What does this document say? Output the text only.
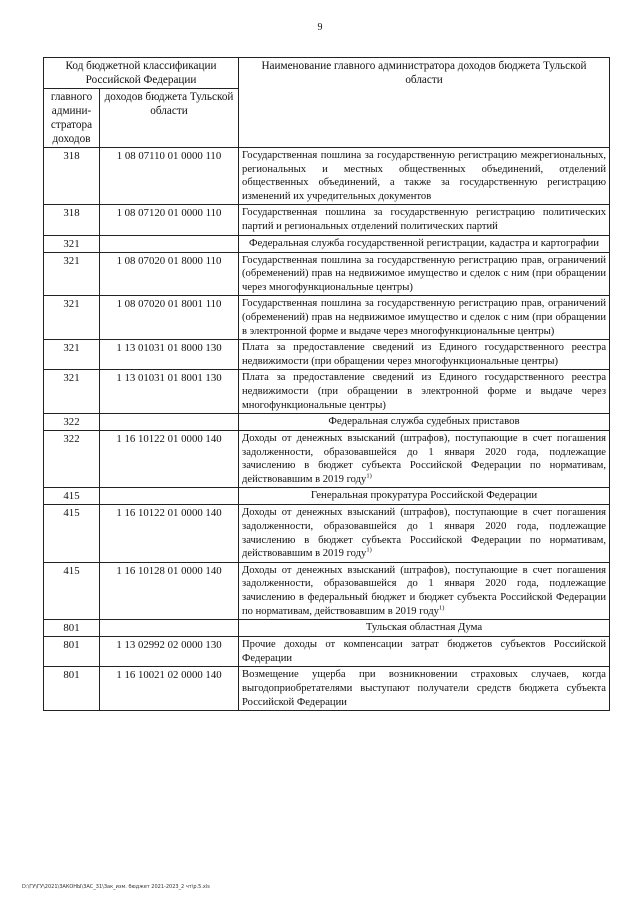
9
Код бюджетной классификации Российской Федерации		Наименование главного администратора доходов бюджета Тульской области
главного админи-стратора доходов	доходов бюджета Тульской области	
318	1 08 07110 01 0000 110	Государственная пошлина за государственную регистрацию межрегиональных, региональных и местных общественных объединений, отделений общественных объединений, а также за государственную регистрацию изменений их учредительных документов
318	1 08 07120 01 0000 110	Государственная пошлина за государственную регистрацию политических партий и региональных отделений политических партий
321		Федеральная служба государственной регистрации, кадастра и картографии
321	1 08 07020 01 8000 110	Государственная пошлина за государственную регистрацию прав, ограничений (обременений) прав на недвижимое имущество и сделок с ним (при обращении через многофункциональные центры)
321	1 08 07020 01 8001 110	Государственная пошлина за государственную регистрацию прав, ограничений (обременений) прав на недвижимое имущество и сделок с ним (при обращении в электронной форме и выдаче через многофункциональные центры)
321	1 13 01031 01 8000 130	Плата за предоставление сведений из Единого государственного реестра недвижимости (при обращении через многофункциональные центры)
321	1 13 01031 01 8001 130	Плата за предоставление сведений из Единого государственного реестра недвижимости (при обращении в электронной форме и выдаче через многофункциональные центры)
322		Федеральная служба судебных приставов
322	1 16 10122 01 0000 140	Доходы от денежных взысканий (штрафов), поступающие в счет погашения задолженности, образовавшейся до 1 января 2020 года, подлежащие зачислению в бюджет субъекта Российской Федерации по нормативам, действовавшим в 2019 году$^{1)}$
415		Генеральная прокуратура Российской Федерации
415	1 16 10122 01 0000 140	Доходы от денежных взысканий (штрафов), поступающие в счет погашения задолженности, образовавшейся до 1 января 2020 года, подлежащие зачислению в бюджет субъекта Российской Федерации по нормативам, действовавшим в 2019 году$^{1)}$
415	1 16 10128 01 0000 140	Доходы от денежных взысканий (штрафов), поступающие в счет погашения задолженности, образовавшейся до 1 января 2020 года, подлежащие зачислению в федеральный бюджет и бюджет субъекта Российской Федерации по нормативам, действовавшим в 2019 году$^{1)}$
801		Тульская областная Дума
801	1 13 02992 02 0000 130	Прочие доходы от компенсации затрат бюджетов субъектов Российской Федерации
801	1 16 10021 02 0000 140	Возмещение ущерба при возникновении страховых случаев, когда выгодоприобретателями выступают получатели средств бюджета субъекта Российской Федерации
D:\ГУ\ГУ\2021\ЗАКОНЫ\ЗАС_31\Зак_изм. бюджет 2021-2023_2 чт\р.5.xls
